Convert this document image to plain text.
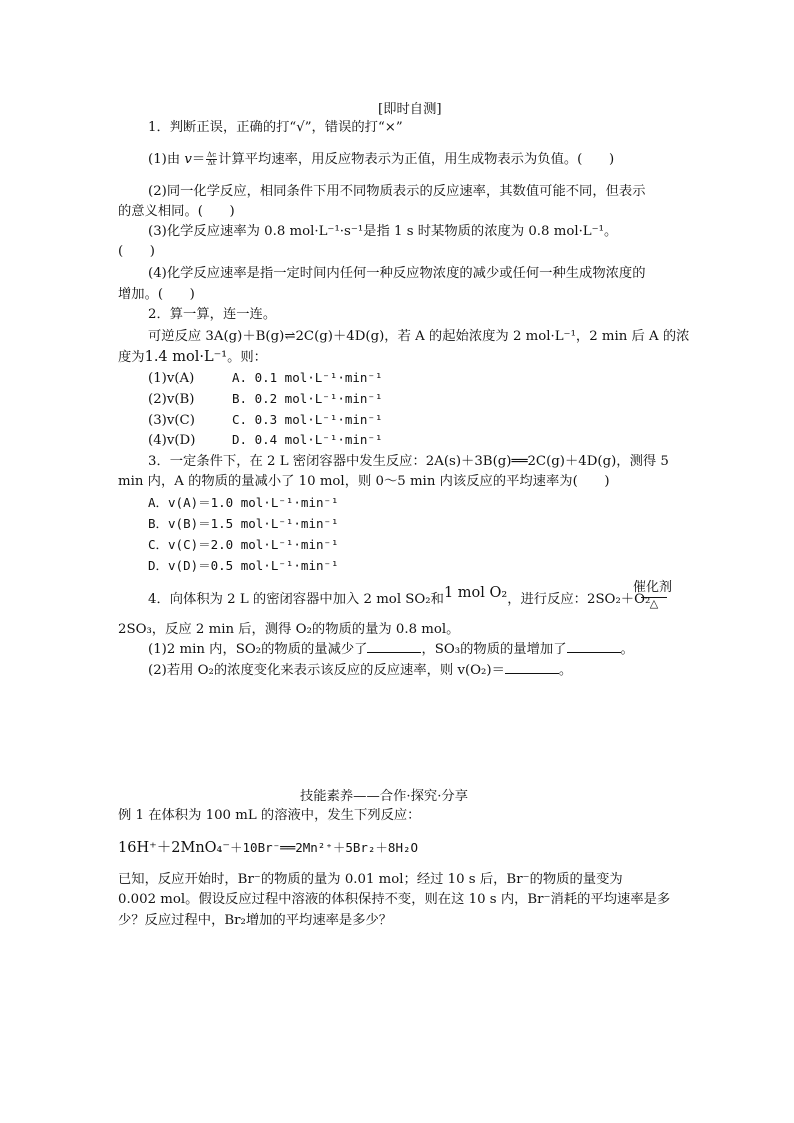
[即时自测]
1．判断正误，正确的打“√”，错误的打“×”
(1)由 $v= \frac{\Delta c}{\Delta t}$ 计算平均速率，用反应物表示为正值，用生成物表示为负值。(　　)
(2)同一化学反应，相同条件下用不同物质表示的反应速率，其数值可能不同，但表示
的意义相同。(　　)
(3)化学反应速率为 0.8 mol·L⁻¹·s⁻¹是指 1 s 时某物质的浓度为 0.8 mol·L⁻¹。
(　　)
(4)化学反应速率是指一定时间内任何一种反应物浓度的减少或任何一种生成物浓度的
增加。(　　)
2．算一算，连一连。
可逆反应 3A(g)＋B(g)⇌2C(g)＋4D(g)，若 A 的起始浓度为 2 mol·L⁻¹，2 min 后 A 的浓
度为1.4 mol·L⁻¹。则：
(1)v(A)	A. 0.1 mol·L⁻¹·min⁻¹
(2)v(B)	B. 0.2 mol·L⁻¹·min⁻¹
(3)v(C)	C. 0.3 mol·L⁻¹·min⁻¹
(4)v(D)	D. 0.4 mol·L⁻¹·min⁻¹
3．一定条件下，在 2 L 密闭容器中发生反应：2A(s)＋3B(g)══2C(g)＋4D(g)，测得 5
min 内，A 的物质的量减小了 10 mol，则 0～5 min 内该反应的平均速率为(　　)
A．v(A)＝1.0 mol·L⁻¹·min⁻¹
B．v(B)＝1.5 mol·L⁻¹·min⁻¹
C．v(C)＝2.0 mol·L⁻¹·min⁻¹
D．v(D)＝0.5 mol·L⁻¹·min⁻¹
4．向体积为 2 L 的密闭容器中加入 2 mol SO₂和1 mol O₂，进行反应：2SO₂＋O₂
催化剂
△
2SO₃，反应 2 min 后，测得 O₂的物质的量为 0.8 mol。
(1)2 min 内，SO₂的物质的量减少了	，SO₃的物质的量增加了	。
(2)若用 O₂的浓度变化来表示该反应的反应速率，则 v(O₂)＝	。
技能素养——合作·探究·分享
例 1 在体积为 100 mL 的溶液中，发生下列反应：
16H⁺＋2MnO₄⁻＋10Br⁻══2Mn²⁺＋5Br₂＋8H₂O
已知，反应开始时，Br⁻的物质的量为 0.01 mol；经过 10 s 后，Br⁻的物质的量变为
0.002 mol。假设反应过程中溶液的体积保持不变，则在这 10 s 内，Br⁻消耗的平均速率是多
少？反应过程中，Br₂增加的平均速率是多少？
